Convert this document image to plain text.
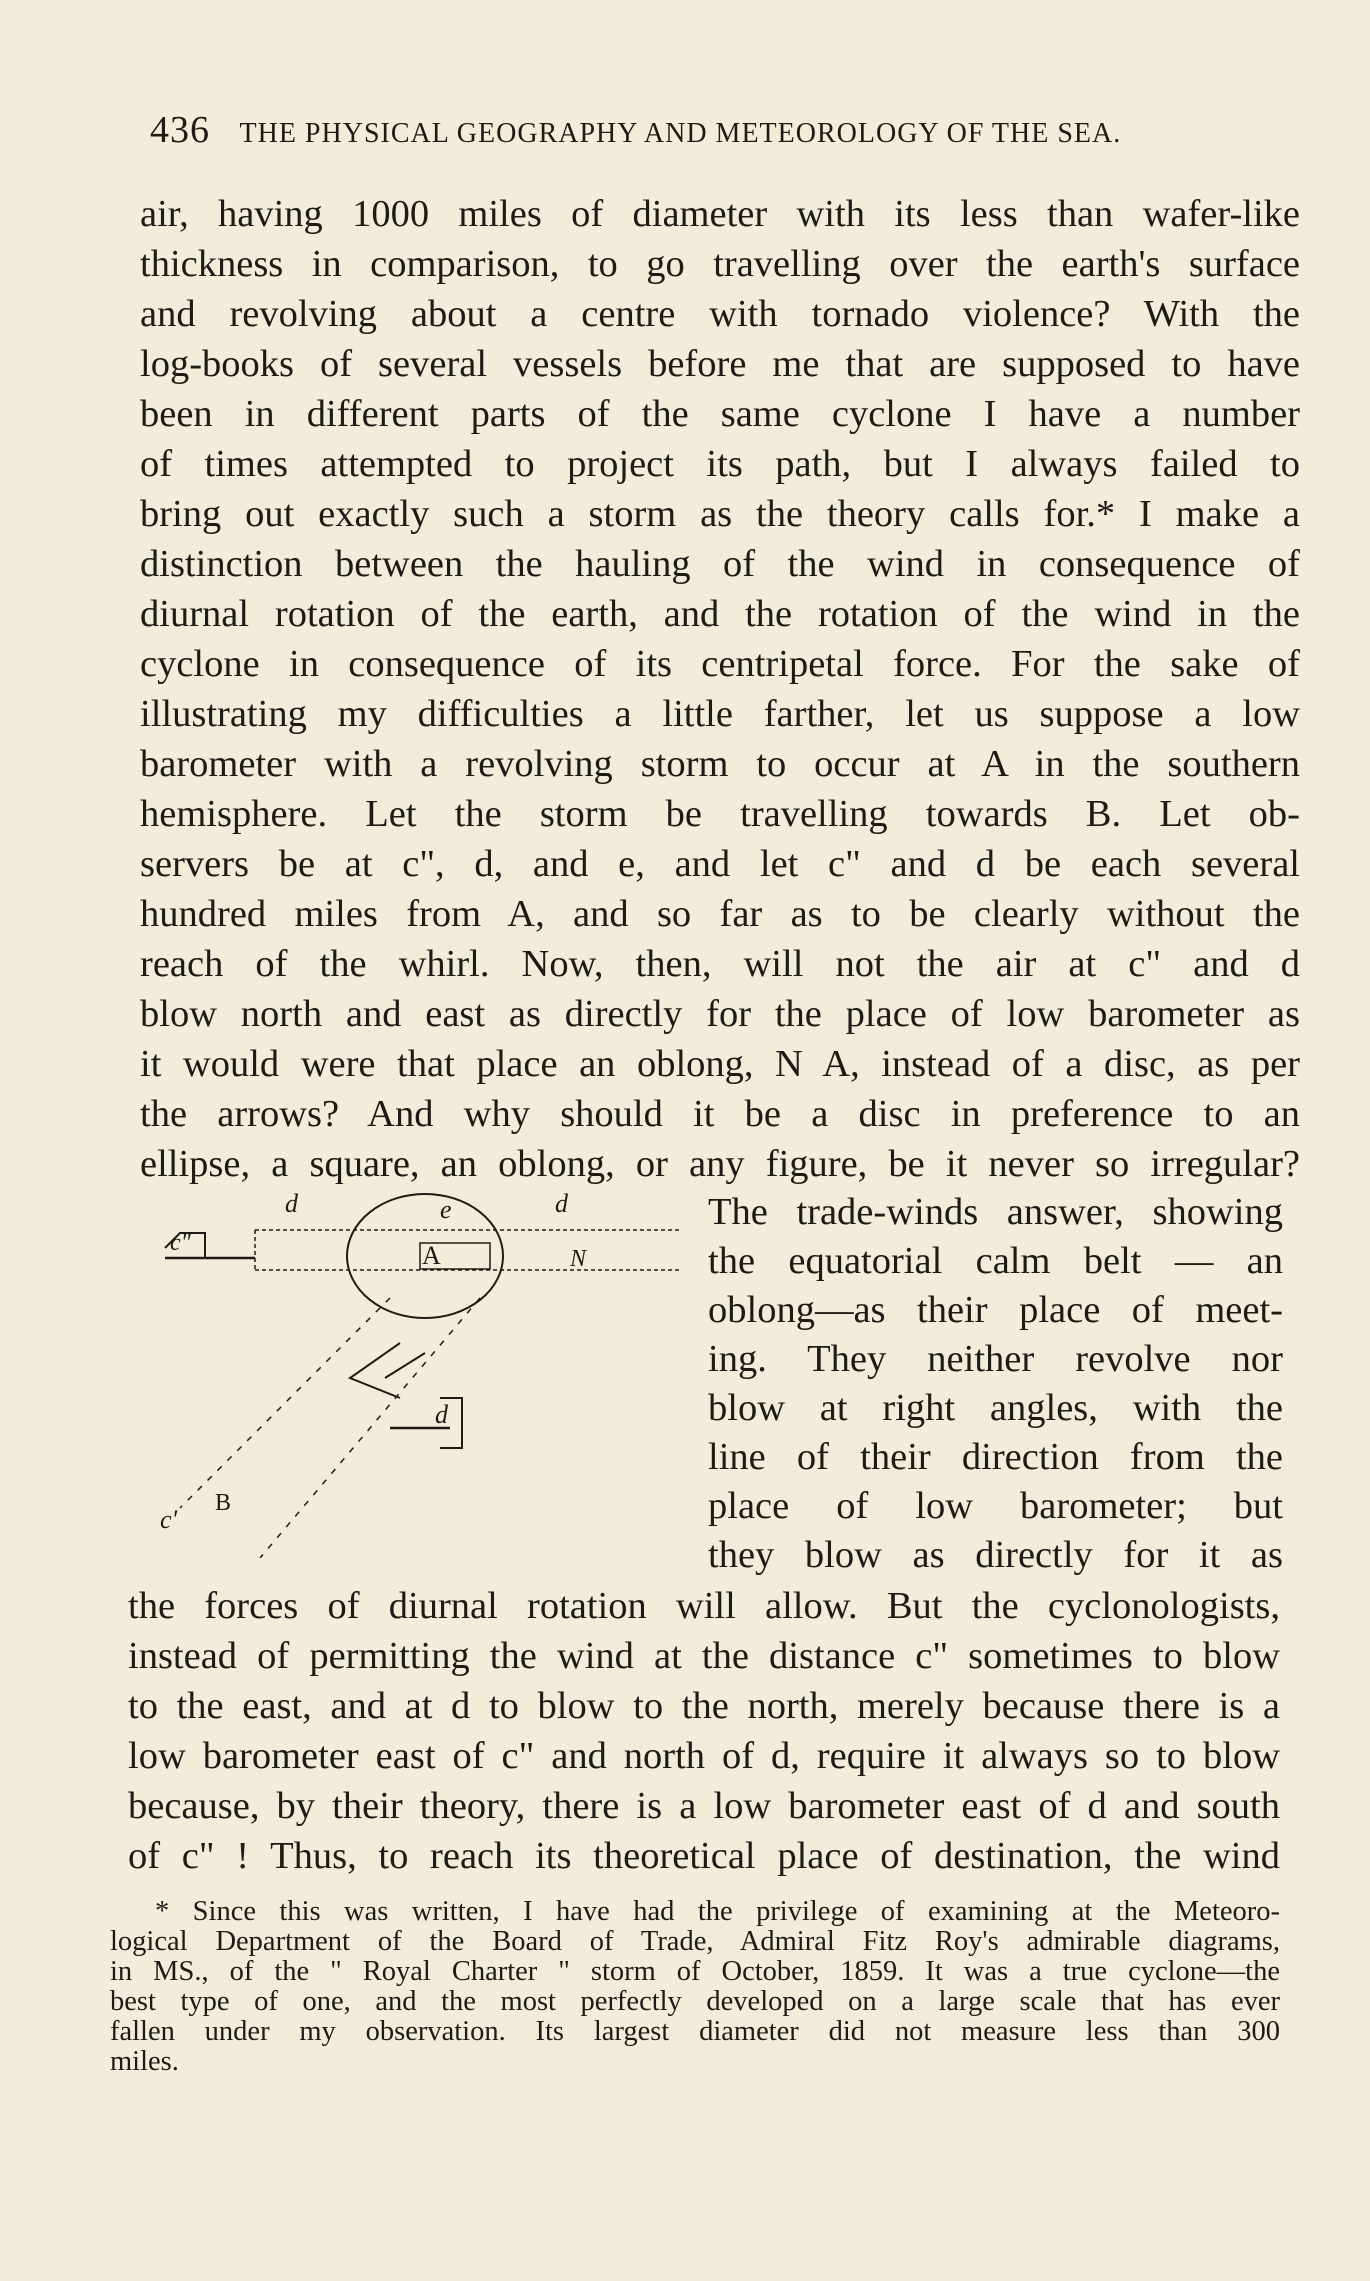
436 THE PHYSICAL GEOGRAPHY AND METEOROLOGY OF THE SEA.
air, having 1000 miles of diameter with its less than wafer-like
thickness in comparison, to go travelling over the earth's surface
and revolving about a centre with tornado violence? With the
log-books of several vessels before me that are supposed to have
been in different parts of the same cyclone I have a number
of times attempted to project its path, but I always failed to
bring out exactly such a storm as the theory calls for.* I make a
distinction between the hauling of the wind in consequence of
diurnal rotation of the earth, and the rotation of the wind in the
cyclone in consequence of its centripetal force. For the sake of
illustrating my difficulties a little farther, let us suppose a low
barometer with a revolving storm to occur at A in the southern
hemisphere. Let the storm be travelling towards B. Let ob-
servers be at c", d, and e, and let c" and d be each several
hundred miles from A, and so far as to be clearly without the
reach of the whirl. Now, then, will not the air at c" and d
blow north and east as directly for the place of low barometer as
it would were that place an oblong, N A, instead of a disc, as per
the arrows? And why should it be a disc in preference to an
ellipse, a square, an oblong, or any figure, be it never so irregular?
d	e	d
c"	A	N
d
c'
B
The trade-winds answer, showing
the equatorial calm belt — an
oblong—as their place of meet-
ing. They neither revolve nor
blow at right angles, with the
line of their direction from the
place of low barometer; but
they blow as directly for it as
the forces of diurnal rotation will allow. But the cyclonologists,
instead of permitting the wind at the distance c" sometimes to blow
to the east, and at d to blow to the north, merely because there is a
low barometer east of c" and north of d, require it always so to blow
because, by their theory, there is a low barometer east of d and south
of c" ! Thus, to reach its theoretical place of destination, the wind
* Since this was written, I have had the privilege of examining at the Meteoro-
logical Department of the Board of Trade, Admiral Fitz Roy's admirable diagrams,
in MS., of the " Royal Charter " storm of October, 1859. It was a true cyclone—the
best type of one, and the most perfectly developed on a large scale that has ever
fallen under my observation. Its largest diameter did not measure less than 300
miles.
